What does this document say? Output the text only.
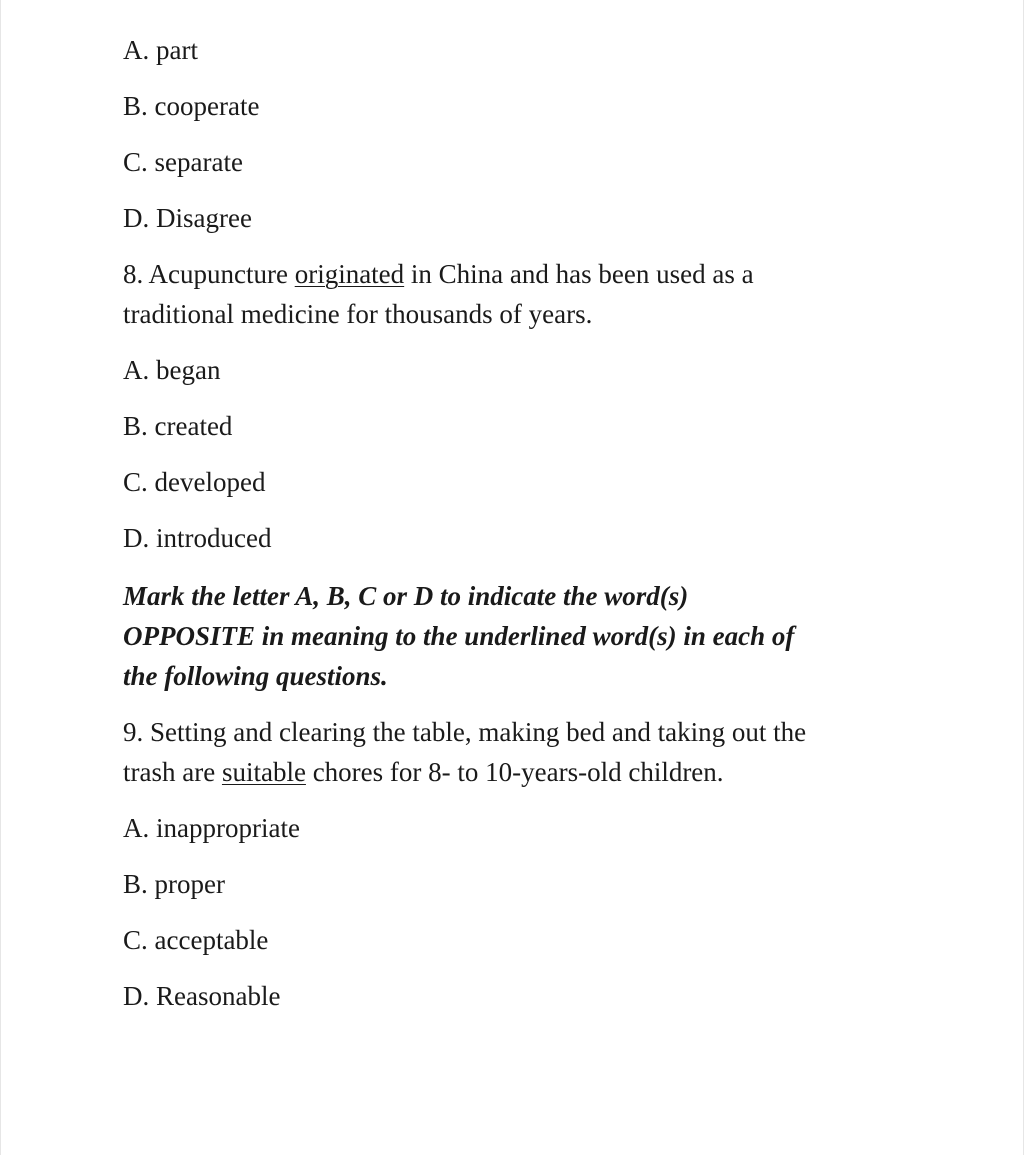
A. part
B. cooperate
C. separate
D. Disagree
8. Acupuncture originated in China and has been used as a
traditional medicine for thousands of years.
A. began
B. created
C. developed
D. introduced
Mark the letter A, B, C or D to indicate the word(s)
OPPOSITE in meaning to the underlined word(s) in each of
the following questions.
9. Setting and clearing the table, making bed and taking out the
trash are suitable chores for 8- to 10-years-old children.
A. inappropriate
B. proper
C. acceptable
D. Reasonable
